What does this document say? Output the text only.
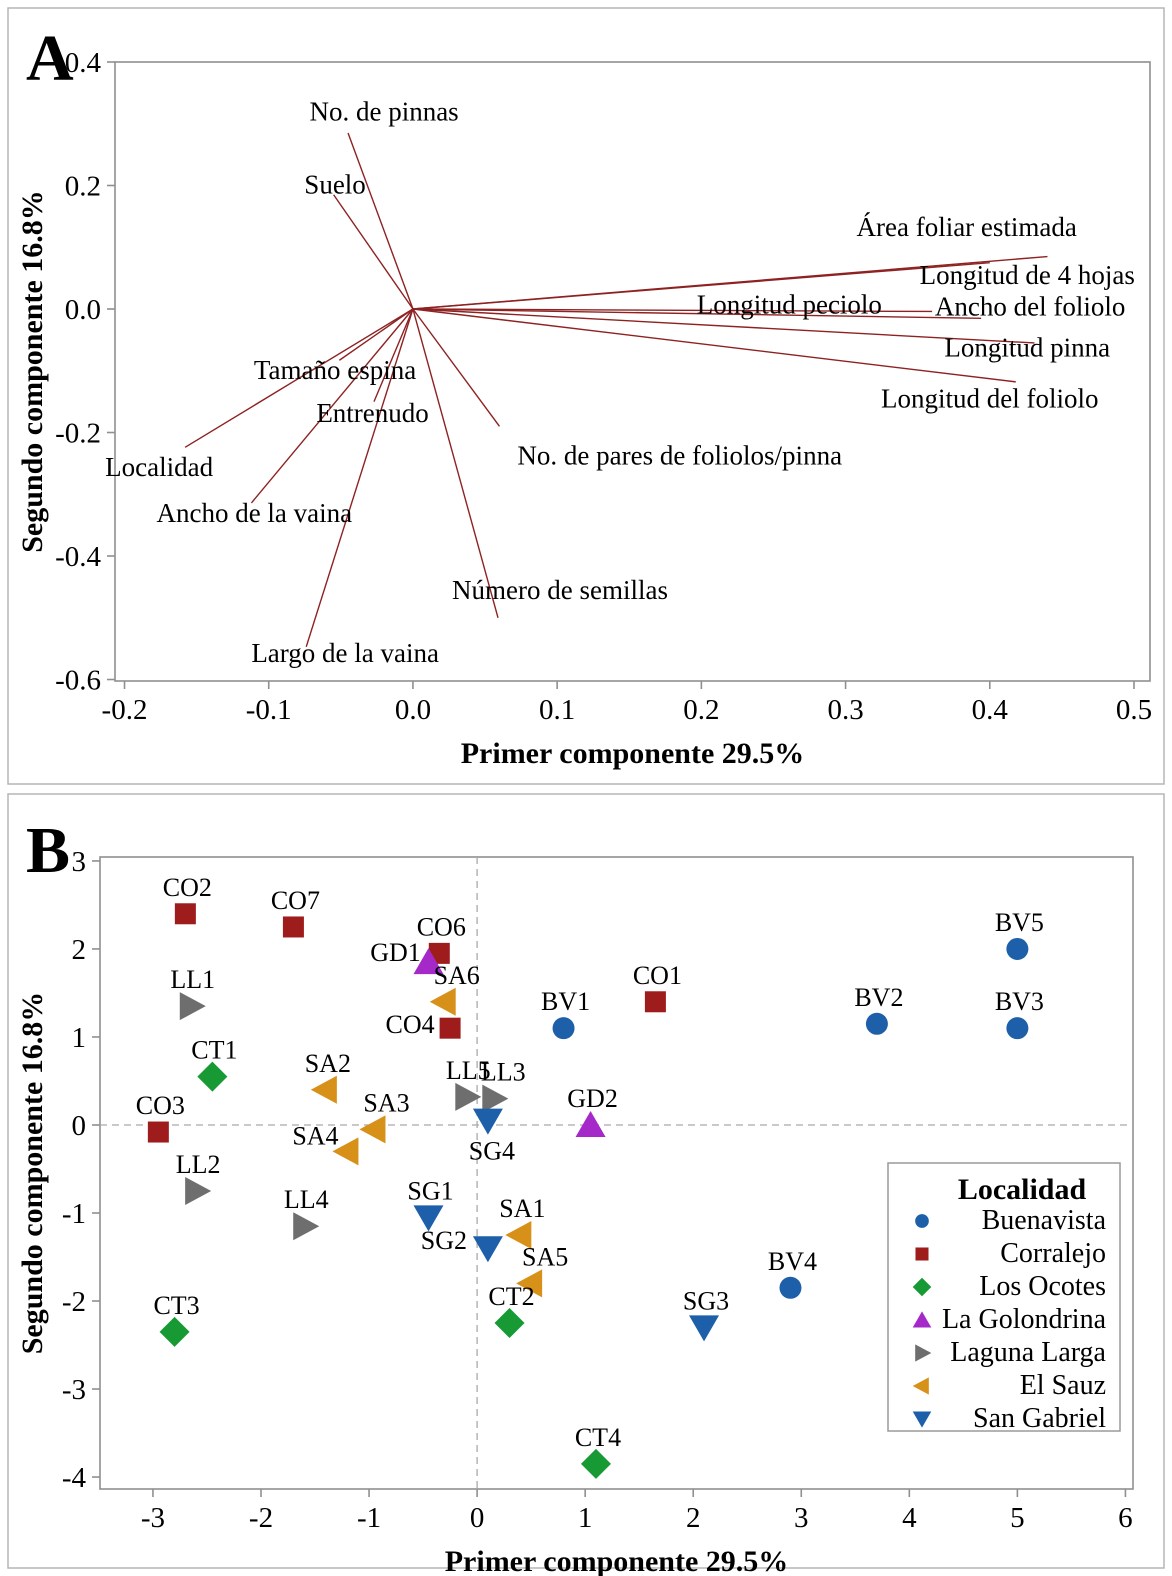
-0.2	-0.1	0.0	0.1	0.2	0.3	0.4	0.5
0.4
0.2
0.0
-0.2
-0.4
-0.6
Primer componente 29.5%
Segundo componente 16.8%
No. de pinnas
Suelo
Área foliar estimada
Longitud de 4 hojas
Longitud peciolo Ancho del foliolo
Longitud pinna
Longitud del foliolo
Tamaño espina
Entrenudo
Localidad
Ancho de la vaina
No. de pares de foliolos/pinna
Número de semillas
Largo de la vaina
-3	-2	-1	0	1	2	3	4	5	6
3
2
1
0
-1
-2
-3
-4
Primer componente 29.5%
Segundo componente 16.8%	BV1	BV2	BV3
BV4
BV5
CO1
CO2
CO3
CO4
CO6
CO7
CT1
CT2
CT3
CT4
GD1
GD2
LL1
LL2
LL3
LL4
LL5
SA1
SA2
SA3
SA4
SA5
SA6
SG1
SG2
SG3
SG4
Localidad
Buenavista
Corralejo
Los Ocotes
La Golondrina
Laguna Larga
El Sauz
San Gabriel
A
B
